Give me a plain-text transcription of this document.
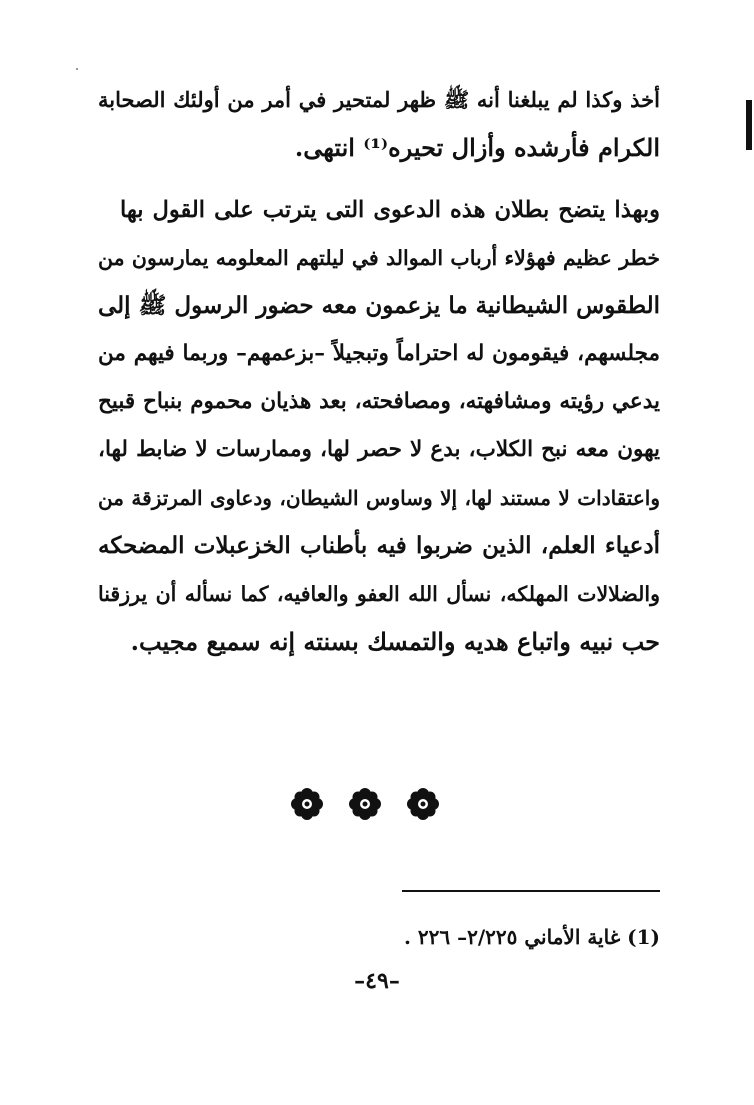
أخذ وكذا لم يبلغنا أنه ﷺ ظهر لمتحير في أمر من أولئك الصحابة
الكرام فأرشده وأزال تحيره⁽¹⁾ انتهى.
وبهذا يتضح بطلان هذه الدعوى التى يترتب على القول بها
خطر عظيم فهؤلاء أرباب الموالد في ليلتهم المعلومه يمارسون من
الطقوس الشيطانية ما يزعمون معه حضور الرسول ﷺ إلى
مجلسهم، فيقومون له احتراماً وتبجيلاً –بزعمهم– وربما فيهم من
يدعي رؤيته ومشافهته، ومصافحته، بعد هذيان محموم بنباح قبيح
يهون معه نبح الكلاب، بدع لا حصر لها، وممارسات لا ضابط لها،
واعتقادات لا مستند لها، إلا وساوس الشيطان، ودعاوى المرتزقة من
أدعياء العلم، الذين ضربوا فيه بأطناب الخزعبلات المضحكه
والضلالات المهلكه، نسأل الله العفو والعافيه، كما نسأله أن يرزقنا
حب نبيه واتباع هديه والتمسك بسنته إنه سميع مجيب.
(1) غاية الأماني ٢/٢٢٥– ٢٢٦ .
–٤٩–
